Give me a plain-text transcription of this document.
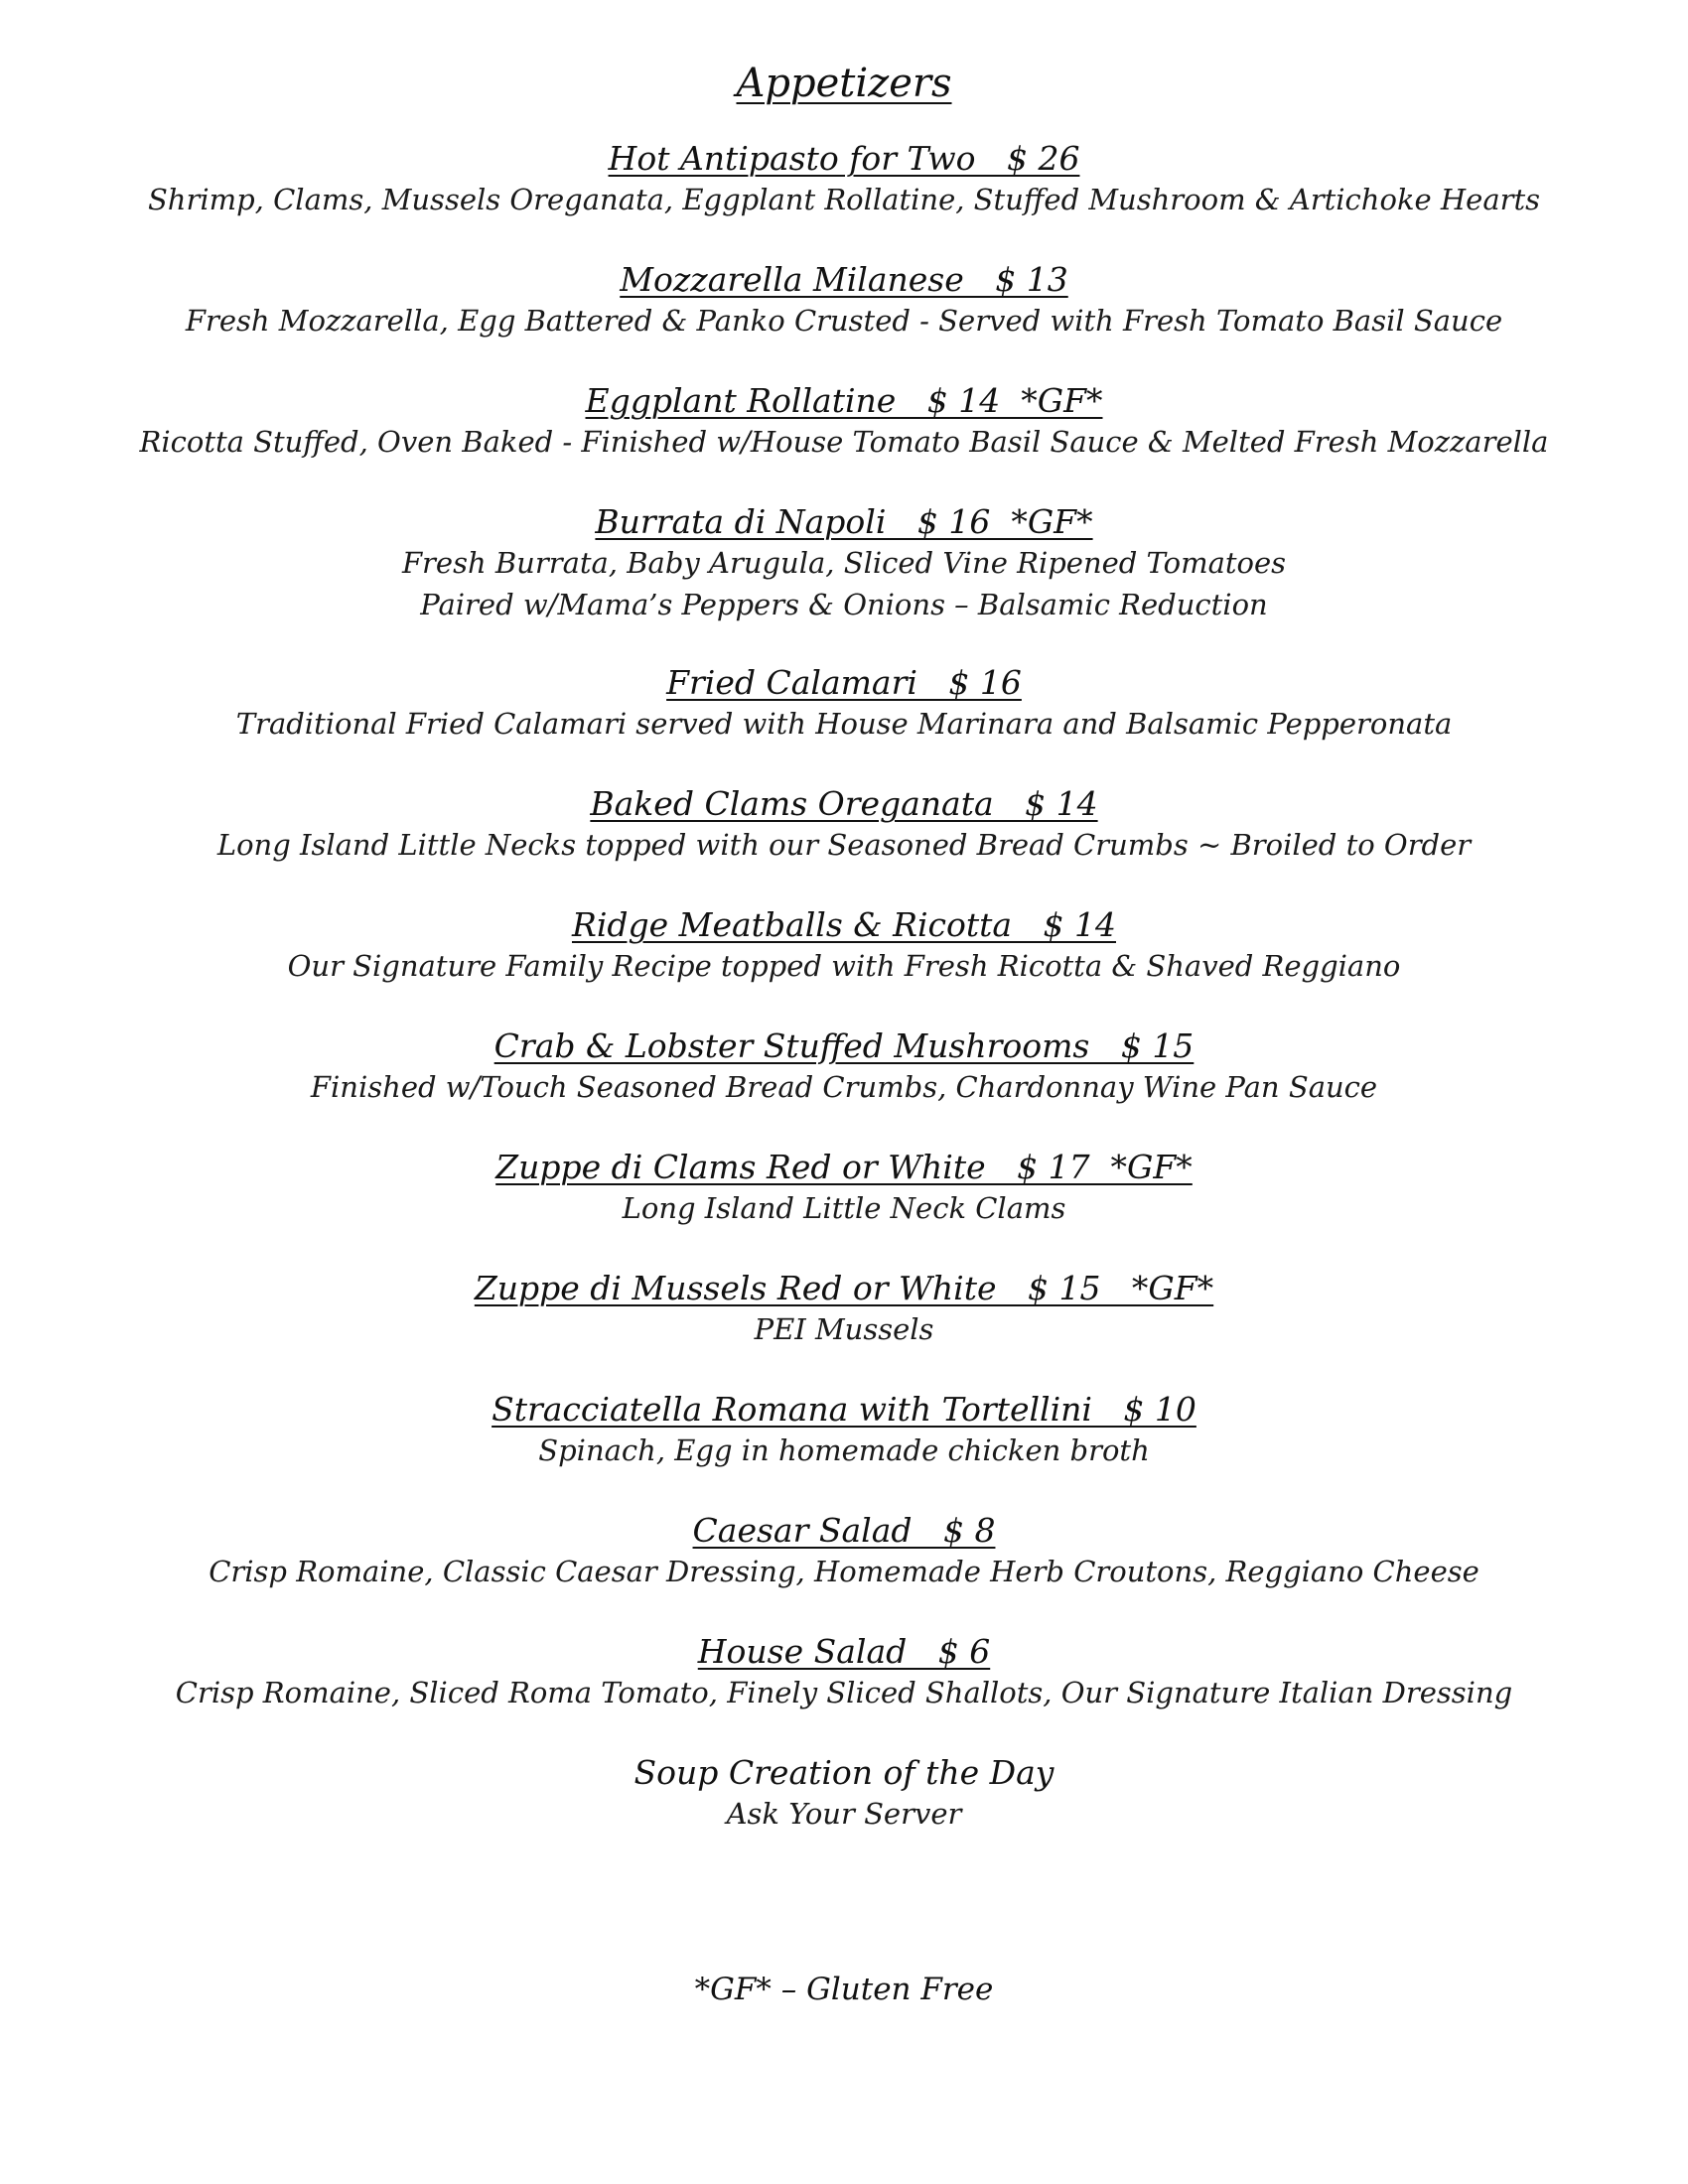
Appetizers
Hot Antipasto for Two   $ 26
Shrimp, Clams, Mussels Oreganata, Eggplant Rollatine, Stuffed Mushroom & Artichoke Hearts
Mozzarella Milanese   $ 13
Fresh Mozzarella, Egg Battered & Panko Crusted - Served with Fresh Tomato Basil Sauce
Eggplant Rollatine   $ 14  *GF*
Ricotta Stuffed, Oven Baked - Finished w/House Tomato Basil Sauce & Melted Fresh Mozzarella
Burrata di Napoli   $ 16  *GF*
Fresh Burrata, Baby Arugula, Sliced Vine Ripened Tomatoes
Paired w/Mama’s Peppers & Onions – Balsamic Reduction
Fried Calamari   $ 16
Traditional Fried Calamari served with House Marinara and Balsamic Pepperonata
Baked Clams Oreganata   $ 14
Long Island Little Necks topped with our Seasoned Bread Crumbs ~ Broiled to Order
Ridge Meatballs & Ricotta   $ 14
Our Signature Family Recipe topped with Fresh Ricotta & Shaved Reggiano
Crab & Lobster Stuffed Mushrooms   $ 15
Finished w/Touch Seasoned Bread Crumbs, Chardonnay Wine Pan Sauce
Zuppe di Clams Red or White   $ 17  *GF*
Long Island Little Neck Clams
Zuppe di Mussels Red or White   $ 15   *GF*
PEI Mussels
Stracciatella Romana with Tortellini   $ 10
Spinach, Egg in homemade chicken broth
Caesar Salad   $ 8
Crisp Romaine, Classic Caesar Dressing, Homemade Herb Croutons, Reggiano Cheese
House Salad   $ 6
Crisp Romaine, Sliced Roma Tomato, Finely Sliced Shallots, Our Signature Italian Dressing
Soup Creation of the Day
Ask Your Server
*GF* – Gluten Free
